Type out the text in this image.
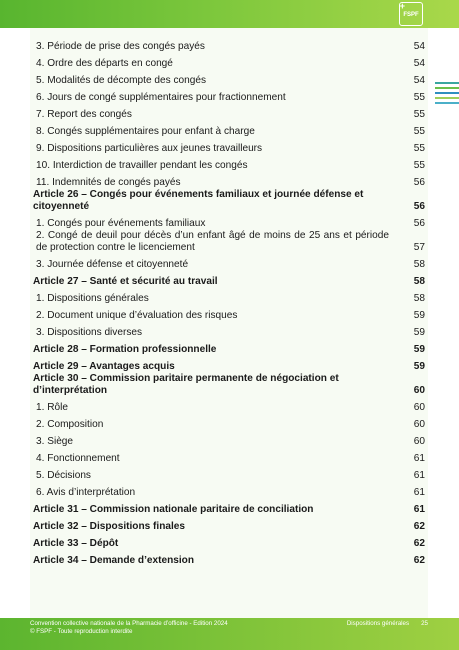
+
FSPF
3. Période de prise des congés payés	54
4. Ordre des départs en congé	54
5. Modalités de décompte des congés	54
6. Jours de congé supplémentaires pour fractionnement	55
7. Report des congés	55
8. Congés supplémentaires pour enfant à charge	55
9. Dispositions particulières aux jeunes travailleurs	55
10. Interdiction de travailler pendant les congés	55
11. Indemnités de congés payés	56
Article 26 – Congés pour événements familiaux et journée défense et citoyenneté	56
1. Congés pour événements familiaux	56
2. Congé de deuil pour décès d’un enfant âgé de moins de 25 ans et période de protection contre le licenciement	57
3. Journée défense et citoyenneté	58
Article 27 – Santé et sécurité au travail	58
1. Dispositions générales	58
2. Document unique d’évaluation des risques	59
3. Dispositions diverses	59
Article 28 – Formation professionnelle	59
Article 29 – Avantages acquis	59
Article 30 – Commission paritaire permanente de négociation et d’interprétation	60
1. Rôle	60
2. Composition	60
3. Siège	60
4. Fonctionnement	61
5. Décisions	61
6. Avis d’interprétation	61
Article 31 – Commission nationale paritaire de conciliation	61
Article 32 – Dispositions finales	62
Article 33 – Dépôt	62
Article 34 – Demande d’extension	62
Convention collective nationale de la Pharmacie d’officine - Edition 2024
© FSPF - Toute reproduction interdite
Dispositions générales 25
